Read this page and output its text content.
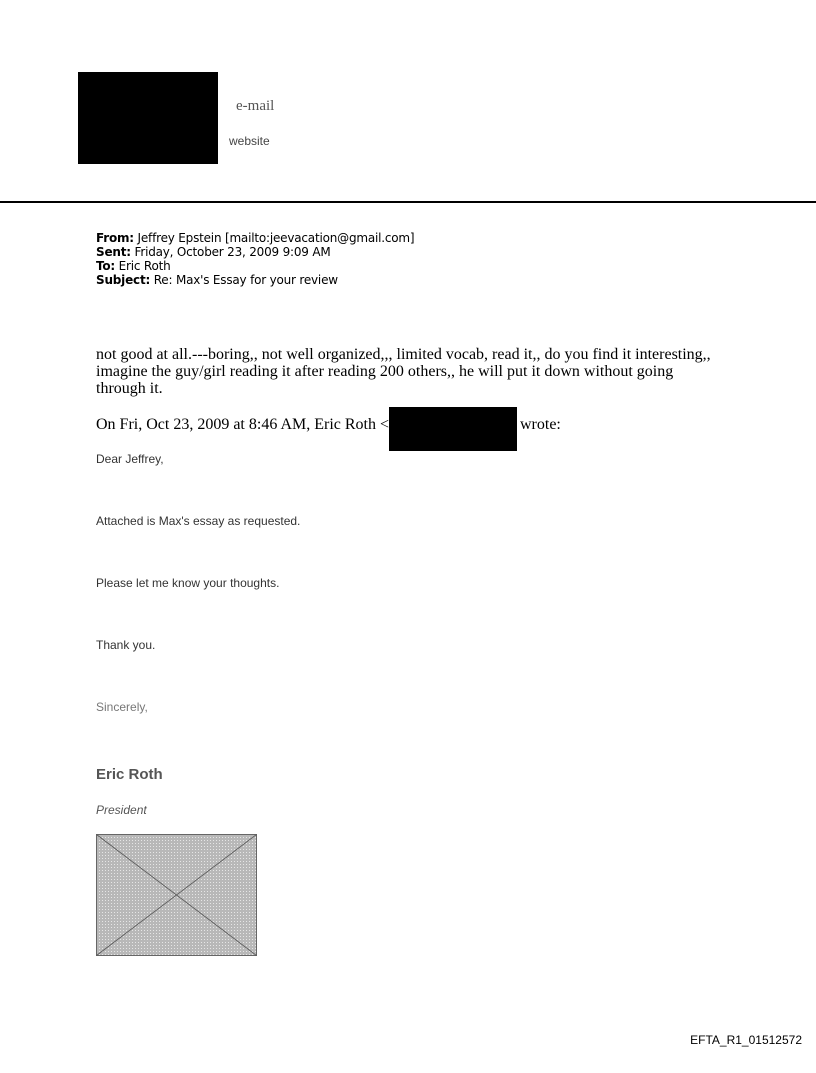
e-mail
website
From: Jeffrey Epstein [mailto:jeevacation@gmail.com]
Sent: Friday, October 23, 2009 9:09 AM
To: Eric Roth
Subject: Re: Max's Essay for your review
not good at all.---boring,, not well organized,,, limited vocab, read it,, do you find it interesting,,
imagine the guy/girl reading it after reading 200 others,, he will put it down without going
through it.
On Fri, Oct 23, 2009 at 8:46 AM, Eric Roth <	wrote:
Dear Jeffrey,
Attached is Max's essay as requested.
Please let me know your thoughts.
Thank you.
Sincerely,
Eric Roth
President
EFTA_R1_01512572
